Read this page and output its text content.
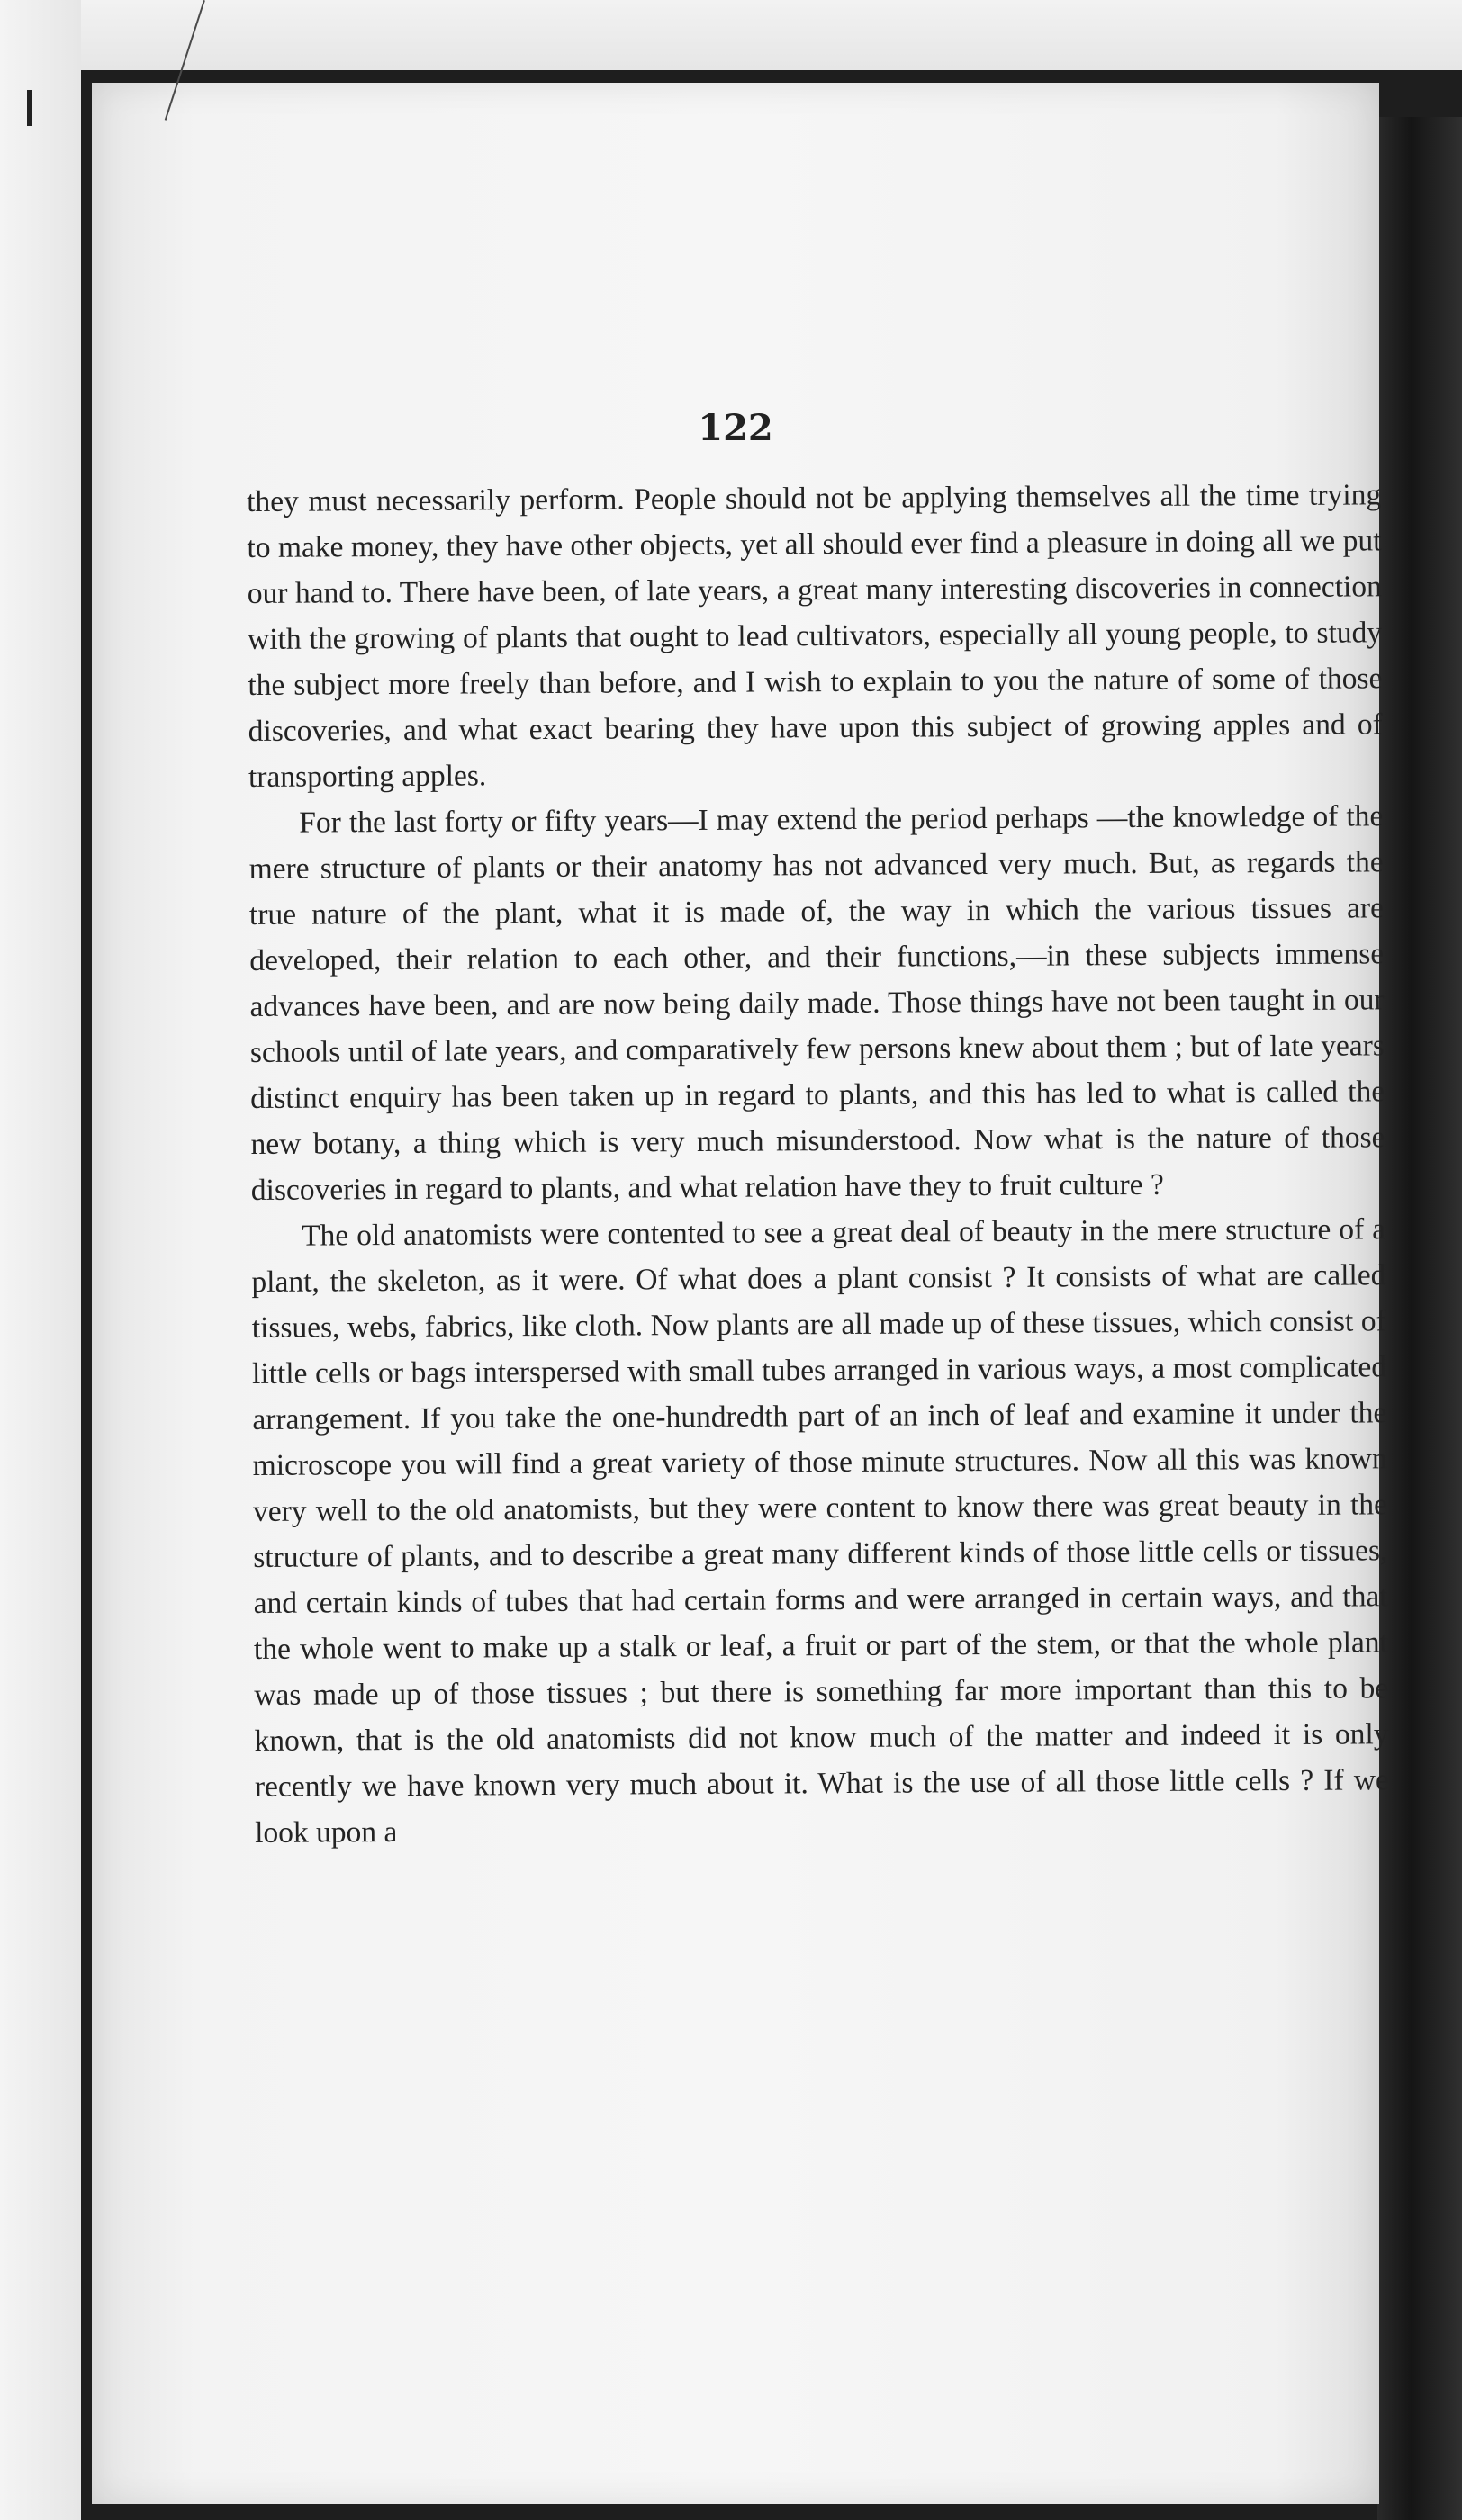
122

they must necessarily perform. People should not be applying themselves all the time trying to make money, they have other objects, yet all should ever find a pleasure in doing all we put our hand to. There have been, of late years, a great many interesting discoveries in connection with the growing of plants that ought to lead cultivators, especially all young people, to study the subject more freely than before, and I wish to explain to you the nature of some of those discoveries, and what exact bearing they have upon this subject of growing apples and of transporting apples.

For the last forty or fifty years—I may extend the period perhaps —the knowledge of the mere structure of plants or their anatomy has not advanced very much. But, as regards the true nature of the plant, what it is made of, the way in which the various tissues are developed, their relation to each other, and their functions,—in these subjects immense advances have been, and are now being daily made. Those things have not been taught in our schools until of late years, and comparatively few persons knew about them ; but of late years distinct enquiry has been taken up in regard to plants, and this has led to what is called the new botany, a thing which is very much misunderstood. Now what is the nature of those discoveries in regard to plants, and what relation have they to fruit culture ?

The old anatomists were contented to see a great deal of beauty in the mere structure of a plant, the skeleton, as it were. Of what does a plant consist ? It consists of what are called tissues, webs, fabrics, like cloth. Now plants are all made up of these tissues, which consist of little cells or bags interspersed with small tubes arranged in various ways, a most complicated arrangement. If you take the one-hundredth part of an inch of leaf and examine it under the microscope you will find a great variety of those minute structures. Now all this was known very well to the old anatomists, but they were content to know there was great beauty in the structure of plants, and to describe a great many different kinds of those little cells or tissues, and certain kinds of tubes that had certain forms and were arranged in certain ways, and that the whole went to make up a stalk or leaf, a fruit or part of the stem, or that the whole plant was made up of those tissues ; but there is something far more important than this to be known, that is the old anatomists did not know much of the matter and indeed it is only recently we have known very much about it. What is the use of all those little cells ? If we look upon a
